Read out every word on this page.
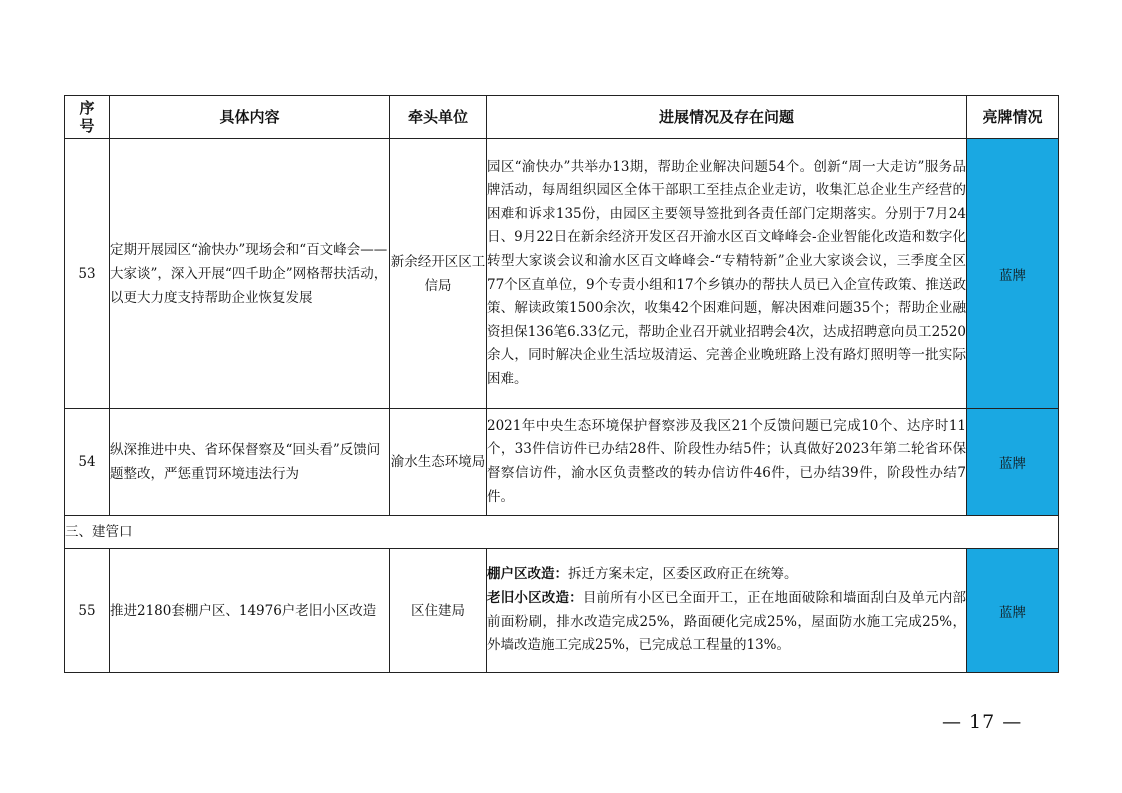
序号	具体内容	牵头单位	进展情况及存在问题	亮牌情况
53	定期开展园区“渝快办”现场会和“百文峰会——大家谈”，深入开展“四千助企”网格帮扶活动，以更大力度支持帮助企业恢复发展	新余经开区区工信局	园区“渝快办”共举办13期，帮助企业解决问题54个。创新“周一大走访”服务品牌活动，每周组织园区全体干部职工至挂点企业走访，收集汇总企业生产经营的困难和诉求135份，由园区主要领导签批到各责任部门定期落实。分别于7月24日、9月22日在新余经济开发区召开渝水区百文峰峰会-企业智能化改造和数字化转型大家谈会议和渝水区百文峰峰会-“专精特新”企业大家谈会议，三季度全区77个区直单位，9个专责小组和17个乡镇办的帮扶人员已入企宣传政策、推送政策、解读政策1500余次，收集42个困难问题，解决困难问题35个；帮助企业融资担保136笔6.33亿元，帮助企业召开就业招聘会4次，达成招聘意向员工2520余人，同时解决企业生活垃圾清运、完善企业晚班路上没有路灯照明等一批实际困难。	蓝牌
54	纵深推进中央、省环保督察及“回头看”反馈问题整改，严惩重罚环境违法行为	渝水生态环境局	2021年中央生态环境保护督察涉及我区21个反馈问题已完成10个、达序时11个，33件信访件已办结28件、阶段性办结5件；认真做好2023年第二轮省环保督察信访件，渝水区负责整改的转办信访件46件，已办结39件，阶段性办结7件。	蓝牌
三、建管口				
55	推进2180套棚户区、14976户老旧小区改造	区住建局	棚户区改造：拆迁方案未定，区委区政府正在统筹。
老旧小区改造：目前所有小区已全面开工，正在地面破除和墙面刮白及单元内部前面粉刷，排水改造完成25%，路面硬化完成25%，屋面防水施工完成25%，外墙改造施工完成25%，已完成总工程量的13%。	蓝牌
— 17 —
